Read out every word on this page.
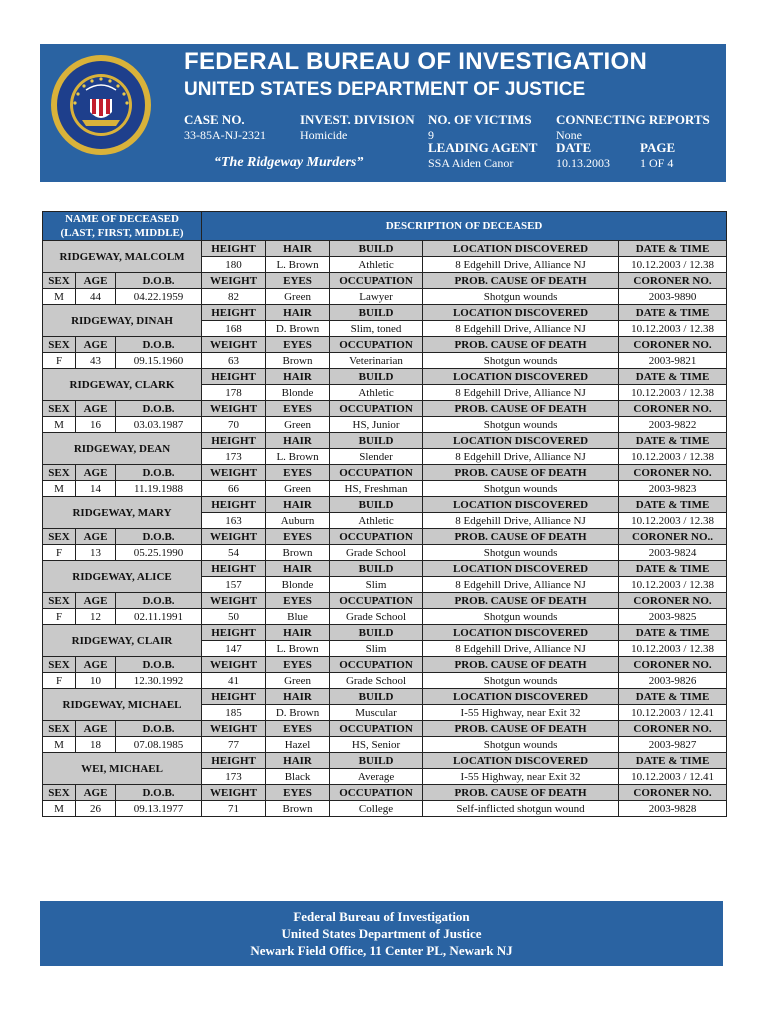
FEDERAL BUREAU OF INVESTIGATION
UNITED STATES DEPARTMENT OF JUSTICE
CASE NO.
33-85A-NJ-2321
INVEST. DIVISION
Homicide
NO. OF VICTIMS
9
CONNECTING REPORTS
None
LEADING AGENT
SSA Aiden Canor
DATE
10.13.2003
PAGE
1 OF 4
“The Ridgeway Murders”
NAME OF DECEASED
(LAST, FIRST, MIDDLE)			DESCRIPTION OF DECEASED				
RIDGEWAY, MALCOLM			HEIGHT	HAIR	BUILD	LOCATION DISCOVERED	DATE & TIME
			180	L. Brown	Athletic	8 Edgehill Drive, Alliance NJ	10.12.2003 / 12.38
SEX	AGE	D.O.B.	WEIGHT	EYES	OCCUPATION	PROB. CAUSE OF DEATH	CORONER NO.
M	44	04.22.1959	82	Green	Lawyer	Shotgun wounds	2003-9890
RIDGEWAY, DINAH			HEIGHT	HAIR	BUILD	LOCATION DISCOVERED	DATE & TIME
			168	D. Brown	Slim, toned	8 Edgehill Drive, Alliance NJ	10.12.2003 / 12.38
SEX	AGE	D.O.B.	WEIGHT	EYES	OCCUPATION	PROB. CAUSE OF DEATH	CORONER NO.
F	43	09.15.1960	63	Brown	Veterinarian	Shotgun wounds	2003-9821
RIDGEWAY, CLARK			HEIGHT	HAIR	BUILD	LOCATION DISCOVERED	DATE & TIME
			178	Blonde	Athletic	8 Edgehill Drive, Alliance NJ	10.12.2003 / 12.38
SEX	AGE	D.O.B.	WEIGHT	EYES	OCCUPATION	PROB. CAUSE OF DEATH	CORONER NO.
M	16	03.03.1987	70	Green	HS, Junior	Shotgun wounds	2003-9822
RIDGEWAY, DEAN			HEIGHT	HAIR	BUILD	LOCATION DISCOVERED	DATE & TIME
			173	L. Brown	Slender	8 Edgehill Drive, Alliance NJ	10.12.2003 / 12.38
SEX	AGE	D.O.B.	WEIGHT	EYES	OCCUPATION	PROB. CAUSE OF DEATH	CORONER NO.
M	14	11.19.1988	66	Green	HS, Freshman	Shotgun wounds	2003-9823
RIDGEWAY, MARY			HEIGHT	HAIR	BUILD	LOCATION DISCOVERED	DATE & TIME
			163	Auburn	Athletic	8 Edgehill Drive, Alliance NJ	10.12.2003 / 12.38
SEX	AGE	D.O.B.	WEIGHT	EYES	OCCUPATION	PROB. CAUSE OF DEATH	CORONER NO..
F	13	05.25.1990	54	Brown	Grade School	Shotgun wounds	2003-9824
RIDGEWAY, ALICE			HEIGHT	HAIR	BUILD	LOCATION DISCOVERED	DATE & TIME
			157	Blonde	Slim	8 Edgehill Drive, Alliance NJ	10.12.2003 / 12.38
SEX	AGE	D.O.B.	WEIGHT	EYES	OCCUPATION	PROB. CAUSE OF DEATH	CORONER NO.
F	12	02.11.1991	50	Blue	Grade School	Shotgun wounds	2003-9825
RIDGEWAY, CLAIR			HEIGHT	HAIR	BUILD	LOCATION DISCOVERED	DATE & TIME
			147	L. Brown	Slim	8 Edgehill Drive, Alliance NJ	10.12.2003 / 12.38
SEX	AGE	D.O.B.	WEIGHT	EYES	OCCUPATION	PROB. CAUSE OF DEATH	CORONER NO.
F	10	12.30.1992	41	Green	Grade School	Shotgun wounds	2003-9826
RIDGEWAY, MICHAEL			HEIGHT	HAIR	BUILD	LOCATION DISCOVERED	DATE & TIME
			185	D. Brown	Muscular	I-55 Highway, near Exit 32	10.12.2003 / 12.41
SEX	AGE	D.O.B.	WEIGHT	EYES	OCCUPATION	PROB. CAUSE OF DEATH	CORONER NO.
M	18	07.08.1985	77	Hazel	HS, Senior	Shotgun wounds	2003-9827
WEI, MICHAEL			HEIGHT	HAIR	BUILD	LOCATION DISCOVERED	DATE & TIME
			173	Black	Average	I-55 Highway, near Exit 32	10.12.2003 / 12.41
SEX	AGE	D.O.B.	WEIGHT	EYES	OCCUPATION	PROB. CAUSE OF DEATH	CORONER NO.
M	26	09.13.1977	71	Brown	College	Self-inflicted shotgun wound	2003-9828
Federal Bureau of Investigation
United States Department of Justice
Newark Field Office, 11 Center PL, Newark NJ
